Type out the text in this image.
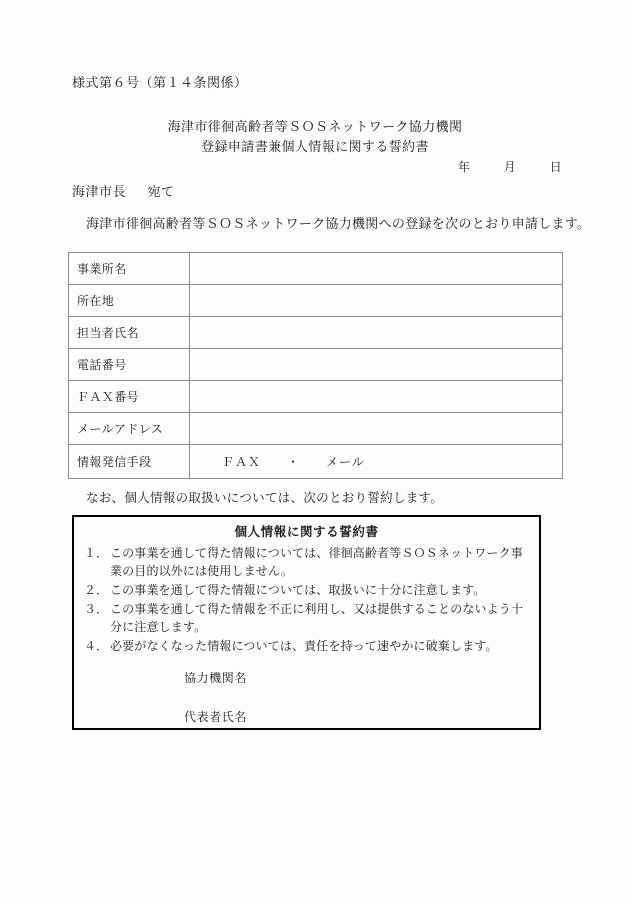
様式第６号（第１４条関係）
海津市徘徊高齢者等ＳＯＳネットワーク協力機関
登録申請書兼個人情報に関する誓約書
年	月	日
海津市長 宛て
海津市徘徊高齢者等ＳＯＳネットワーク協力機関への登録を次のとおり申請します。
事業所名	
所在地	
担当者氏名	
電話番号	
ＦＡＸ番号	
メールアドレス	
情報発信手段	ＦＡＸ ・ メール
なお、個人情報の取扱いについては、次のとおり誓約します。
個人情報に関する誓約書
１． この事業を通して得た情報については、徘徊高齢者等ＳＯＳネットワーク事業の目的以外には使用しません。
２． この事業を通して得た情報については、取扱いに十分に注意します。
３． この事業を通して得た情報を不正に利用し、又は提供することのないよう十分に注意します。
４． 必要がなくなった情報については、責任を持って速やかに破棄します。
協力機関名
代表者氏名
